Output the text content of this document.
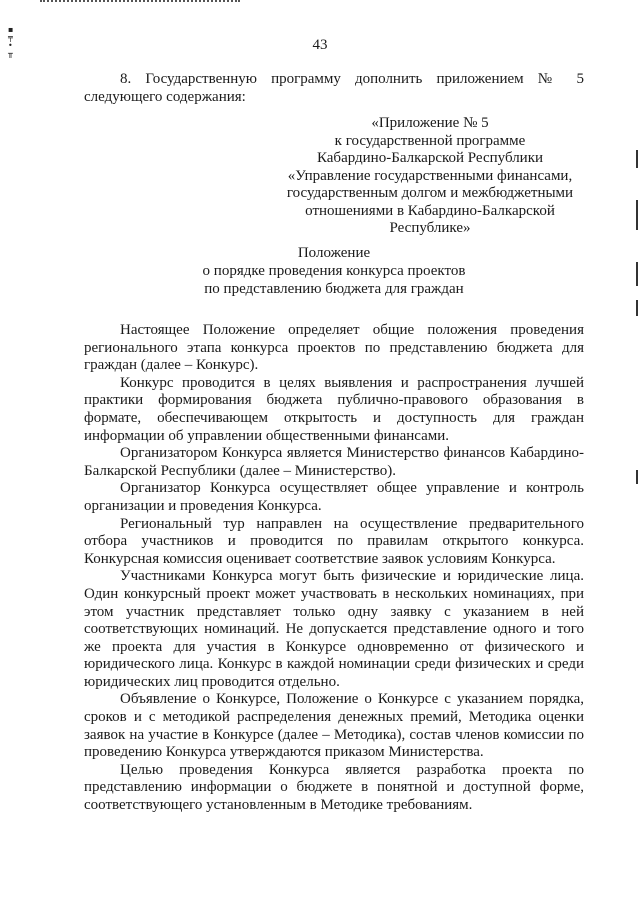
▪
╤
•
╥
43

8. Государственную программу дополнить приложением № 5 следующего содержания:

«Приложение № 5
к государственной программе
Кабардино-Балкарской Республики
«Управление государственными финансами,
государственным долгом и межбюджетными
отношениями в Кабардино-Балкарской
Республике»
Положение
о порядке проведения конкурса проектов
по представлению бюджета для граждан

Настоящее Положение определяет общие положения проведения регионального этапа конкурса проектов по представлению бюджета для граждан (далее – Конкурс).

Конкурс проводится в целях выявления и распространения лучшей практики формирования бюджета публично-правового образования в формате, обеспечивающем открытость и доступность для граждан информации об управлении общественными финансами.

Организатором Конкурса является Министерство финансов Кабардино-Балкарской Республики (далее – Министерство).

Организатор Конкурса осуществляет общее управление и контроль организации и проведения Конкурса.

Региональный тур направлен на осуществление предварительного отбора участников и проводится по правилам открытого конкурса. Конкурсная комиссия оценивает соответствие заявок условиям Конкурса.

Участниками Конкурса могут быть физические и юридические лица. Один конкурсный проект может участвовать в нескольких номинациях, при этом участник представляет только одну заявку с указанием в ней соответствующих номинаций. Не допускается представление одного и того же проекта для участия в Конкурсе одновременно от физического и юридического лица. Конкурс в каждой номинации среди физических и среди юридических лиц проводится отдельно.

Объявление о Конкурсе, Положение о Конкурсе с указанием порядка, сроков и с методикой распределения денежных премий, Методика оценки заявок на участие в Конкурсе (далее – Методика), состав членов комиссии по проведению Конкурса утверждаются приказом Министерства.

Целью проведения Конкурса является разработка проекта по представлению информации о бюджете в понятной и доступной форме, соответствующего установленным в Методике требованиям.
